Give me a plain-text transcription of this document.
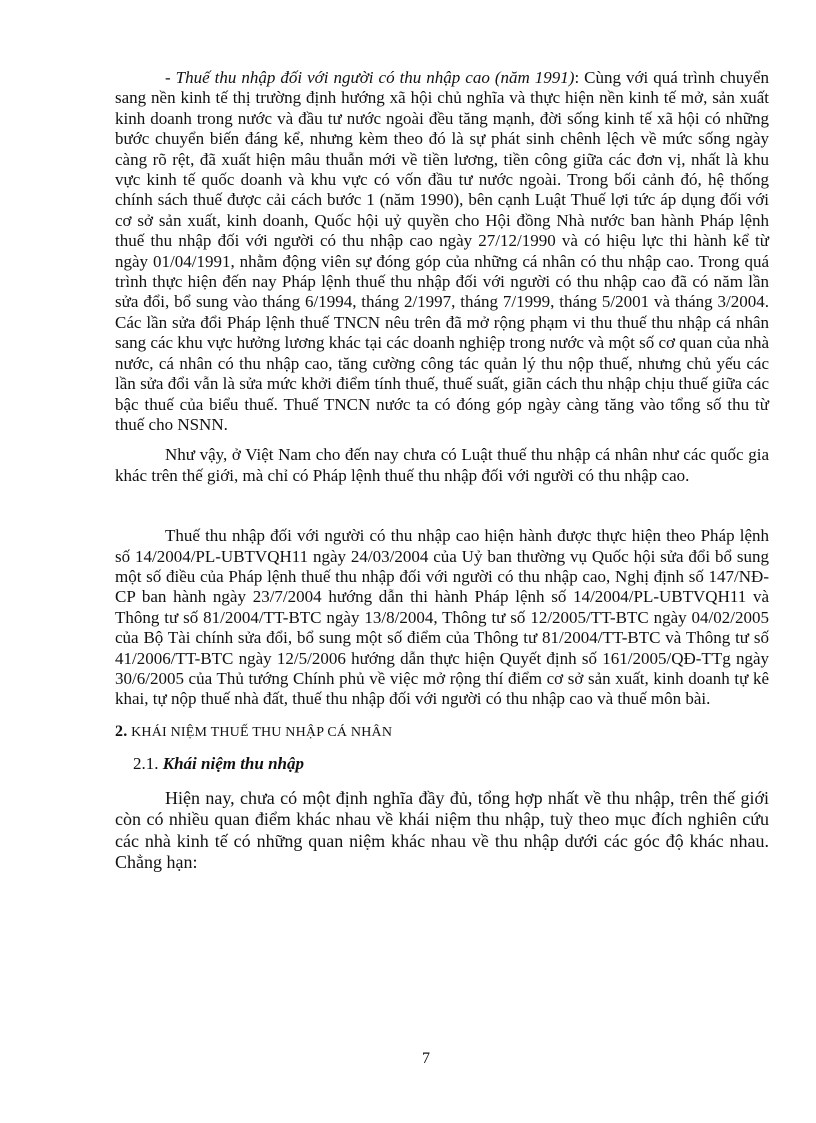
- Thuế thu nhập đối với người có thu nhập cao (năm 1991): Cùng với quá trình chuyển sang nền kinh tế thị trường định hướng xã hội chủ nghĩa và thực hiện nền kinh tế mở, sản xuất kinh doanh trong nước và đầu tư nước ngoài đều tăng mạnh, đời sống kinh tế xã hội có những bước chuyển biến đáng kể, nhưng kèm theo đó là sự phát sinh chênh lệch về mức sống ngày càng rõ rệt, đã xuất hiện mâu thuẫn mới về tiền lương, tiền công giữa các đơn vị, nhất là khu vực kinh tế quốc doanh và khu vực có vốn đầu tư nước ngoài. Trong bối cảnh đó, hệ thống chính sách thuế được cải cách bước 1 (năm 1990), bên cạnh Luật Thuế lợi tức áp dụng đối với cơ sở sản xuất, kinh doanh, Quốc hội uỷ quyền cho Hội đồng Nhà nước ban hành Pháp lệnh thuế thu nhập đối với người có thu nhập cao ngày 27/12/1990 và có hiệu lực thi hành kể từ ngày 01/04/1991, nhằm động viên sự đóng góp của những cá nhân có thu nhập cao. Trong quá trình thực hiện đến nay Pháp lệnh thuế thu nhập đối với người có thu nhập cao đã có năm lần sửa đổi, bổ sung vào tháng 6/1994, tháng 2/1997, tháng 7/1999, tháng 5/2001 và tháng 3/2004. Các lần sửa đổi Pháp lệnh thuế TNCN nêu trên đã mở rộng phạm vi thu thuế thu nhập cá nhân sang các khu vực hưởng lương khác tại các doanh nghiệp trong nước và một số cơ quan của nhà nước, cá nhân có thu nhập cao, tăng cường công tác quản lý thu nộp thuế, nhưng chủ yếu các lần sửa đổi vẫn là sửa mức khởi điểm tính thuế, thuế suất, giãn cách thu nhập chịu thuế giữa các bậc thuế của biểu thuế. Thuế TNCN nước ta có đóng góp ngày càng tăng vào tổng số thu từ thuế cho NSNN.

Như vậy, ở Việt Nam cho đến nay chưa có Luật thuế thu nhập cá nhân như các quốc gia khác trên thế giới, mà chỉ có Pháp lệnh thuế thu nhập đối với người có thu nhập cao.

Thuế thu nhập đối với người có thu nhập cao hiện hành được thực hiện theo Pháp lệnh số 14/2004/PL-UBTVQH11 ngày 24/03/2004 của Uỷ ban thường vụ Quốc hội sửa đổi bổ sung một số điều của Pháp lệnh thuế thu nhập đối với người có thu nhập cao, Nghị định số 147/NĐ-CP ban hành ngày 23/7/2004 hướng dẫn thi hành Pháp lệnh số 14/2004/PL-UBTVQH11 và Thông tư số 81/2004/TT-BTC ngày 13/8/2004, Thông tư số 12/2005/TT-BTC ngày 04/02/2005 của Bộ Tài chính sửa đổi, bổ sung một số điểm của Thông tư 81/2004/TT-BTC và Thông tư số 41/2006/TT-BTC ngày 12/5/2006 hướng dẫn thực hiện Quyết định số 161/2005/QĐ-TTg ngày 30/6/2005 của Thủ tướng Chính phủ về việc mở rộng thí điểm cơ sở sản xuất, kinh doanh tự kê khai, tự nộp thuế nhà đất, thuế thu nhập đối với người có thu nhập cao và thuế môn bài.

2. KHÁI NIỆM THUẾ THU NHẬP CÁ NHÂN
2.1. Khái niệm thu nhập

Hiện nay, chưa có một định nghĩa đầy đủ, tổng hợp nhất về thu nhập, trên thế giới còn có nhiều quan điểm khác nhau về khái niệm thu nhập, tuỳ theo mục đích nghiên cứu các nhà kinh tế có những quan niệm khác nhau về thu nhập dưới các góc độ khác nhau. Chẳng hạn:

7
